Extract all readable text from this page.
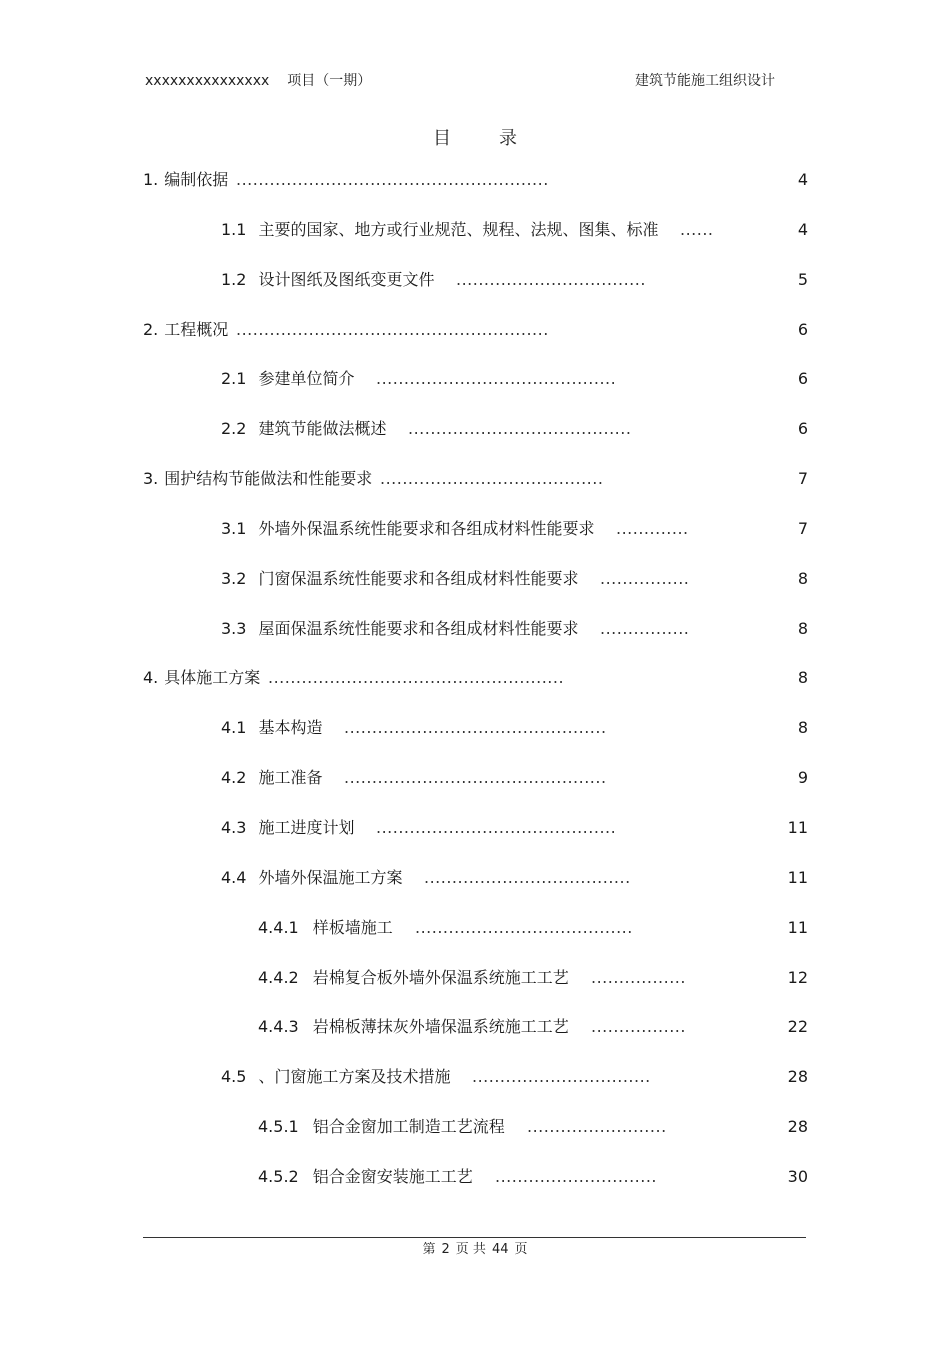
xxxxxxxxxxxxxxx 项目（一期）	建筑节能施工组织设计
目录
1. 编制依据 ........................................................	4
1.1 主要的国家、地方或行业规范、规程、法规、图集、标准 ......	4
1.2 设计图纸及图纸变更文件 ..................................	5
2. 工程概况 ........................................................	6
2.1 参建单位简介 ...........................................	6
2.2 建筑节能做法概述 ........................................	6
3. 围护结构节能做法和性能要求 ........................................	7
3.1 外墙外保温系统性能要求和各组成材料性能要求 .............	7
3.2 门窗保温系统性能要求和各组成材料性能要求 ................	8
3.3 屋面保温系统性能要求和各组成材料性能要求 ................	8
4. 具体施工方案 .....................................................	8
4.1 基本构造 ...............................................	8
4.2 施工准备 ...............................................	9
4.3 施工进度计划 ...........................................	11
4.4 外墙外保温施工方案 .....................................	11
4.4.1 样板墙施工 .......................................	11
4.4.2 岩棉复合板外墙外保温系统施工工艺 .................	12
4.4.3 岩棉板薄抹灰外墙保温系统施工工艺 .................	22
4.5 、门窗施工方案及技术措施 ................................	28
4.5.1 铝合金窗加工制造工艺流程 .........................	28
4.5.2 铝合金窗安装施工工艺 .............................	30
第 2 页 共 44 页
